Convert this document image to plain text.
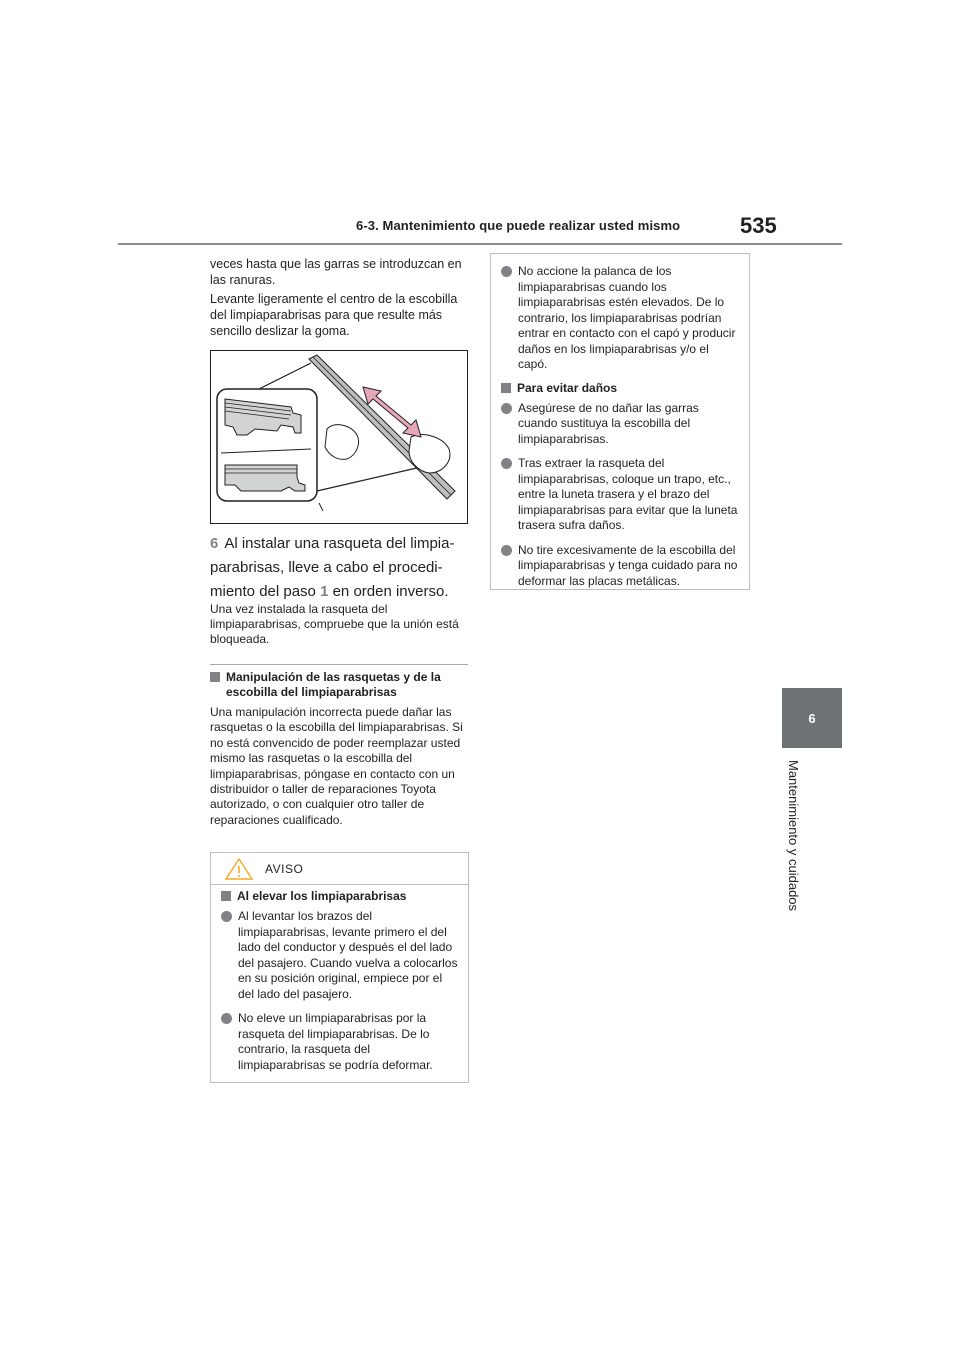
6-3. Mantenimiento que puede realizar usted mismo	535
6
Mantenimiento y cuidados

veces hasta que las garras se introduzcan en las ranuras.

Levante ligeramente el centro de la escobilla del limpiaparabrisas para que resulte más sencillo deslizar la goma.

6 Al instalar una rasqueta del limpia-parabrisas, lleve a cabo el procedi-miento del paso 1 en orden inverso.

Una vez instalada la rasqueta del limpiaparabrisas, compruebe que la unión está bloqueada.

Manipulación de las rasquetas y de la escobilla del limpiaparabrisas

Una manipulación incorrecta puede dañar las rasquetas o la escobilla del limpiaparabrisas. Si no está convencido de poder reemplazar usted mismo las rasquetas o la escobilla del limpiaparabrisas, póngase en contacto con un distribuidor o taller de reparaciones Toyota autorizado, o con cualquier otro taller de reparaciones cualificado.

AVISO
Al elevar los limpiaparabrisas
Al levantar los brazos del limpiaparabrisas, levante primero el del lado del conductor y después el del lado del pasajero. Cuando vuelva a colocarlos en su posición original, empiece por el del lado del pasajero.
No eleve un limpiaparabrisas por la rasqueta del limpiaparabrisas. De lo contrario, la rasqueta del limpiaparabrisas se podría deformar.
No accione la palanca de los limpiaparabrisas cuando los limpiaparabrisas estén elevados. De lo contrario, los limpiaparabrisas podrían entrar en contacto con el capó y producir daños en los limpiaparabrisas y/o el capó.
Para evitar daños
Asegúrese de no dañar las garras cuando sustituya la escobilla del limpiaparabrisas.
Tras extraer la rasqueta del limpiaparabrisas, coloque un trapo, etc., entre la luneta trasera y el brazo del limpiaparabrisas para evitar que la luneta trasera sufra daños.
No tire excesivamente de la escobilla del limpiaparabrisas y tenga cuidado para no deformar las placas metálicas.
